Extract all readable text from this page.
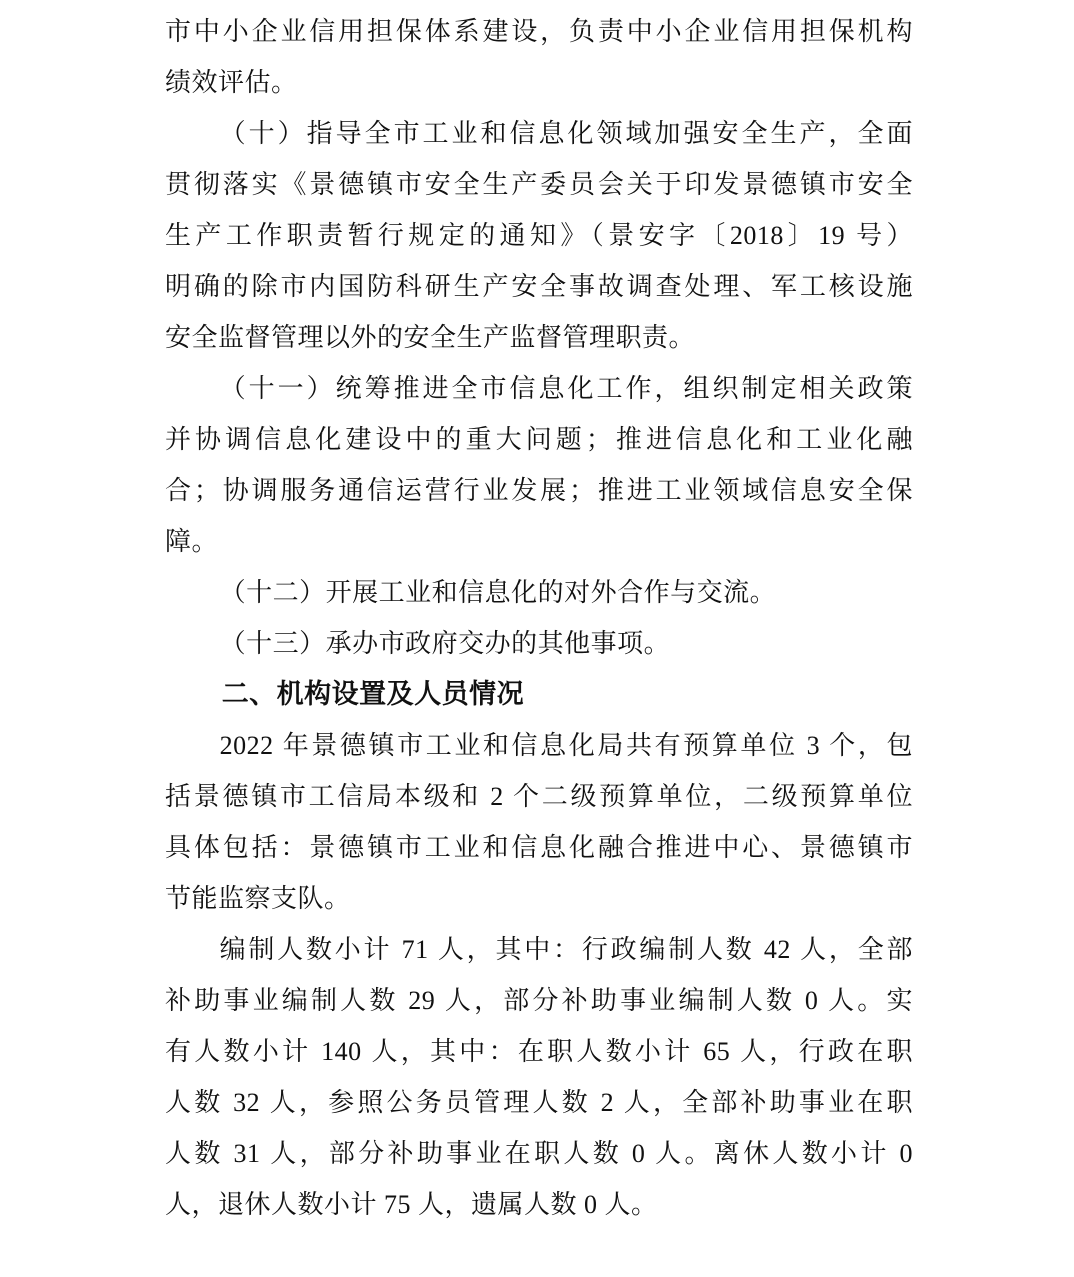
市中小企业信用担保体系建设，负责中小企业信用担保机构
绩效评估。
（十）指导全市工业和信息化领域加强安全生产，全面
贯彻落实《景德镇市安全生产委员会关于印发景德镇市安全
生产工作职责暂行规定的通知》（景安字〔2018〕19 号）
明确的除市内国防科研生产安全事故调查处理、军工核设施
安全监督管理以外的安全生产监督管理职责。
（十一）统筹推进全市信息化工作，组织制定相关政策
并协调信息化建设中的重大问题；推进信息化和工业化融
合；协调服务通信运营行业发展；推进工业领域信息安全保
障。
（十二）开展工业和信息化的对外合作与交流。
（十三）承办市政府交办的其他事项。
二、机构设置及人员情况
2022 年景德镇市工业和信息化局共有预算单位 3 个，包
括景德镇市工信局本级和 2 个二级预算单位，二级预算单位
具体包括：景德镇市工业和信息化融合推进中心、景德镇市
节能监察支队。
编制人数小计 71 人，其中：行政编制人数 42 人，全部
补助事业编制人数 29 人，部分补助事业编制人数 0 人。实
有人数小计 140 人，其中：在职人数小计 65 人，行政在职
人数 32 人，参照公务员管理人数 2 人，全部补助事业在职
人数 31 人，部分补助事业在职人数 0 人。离休人数小计 0
人，退休人数小计 75 人，遗属人数 0 人。
